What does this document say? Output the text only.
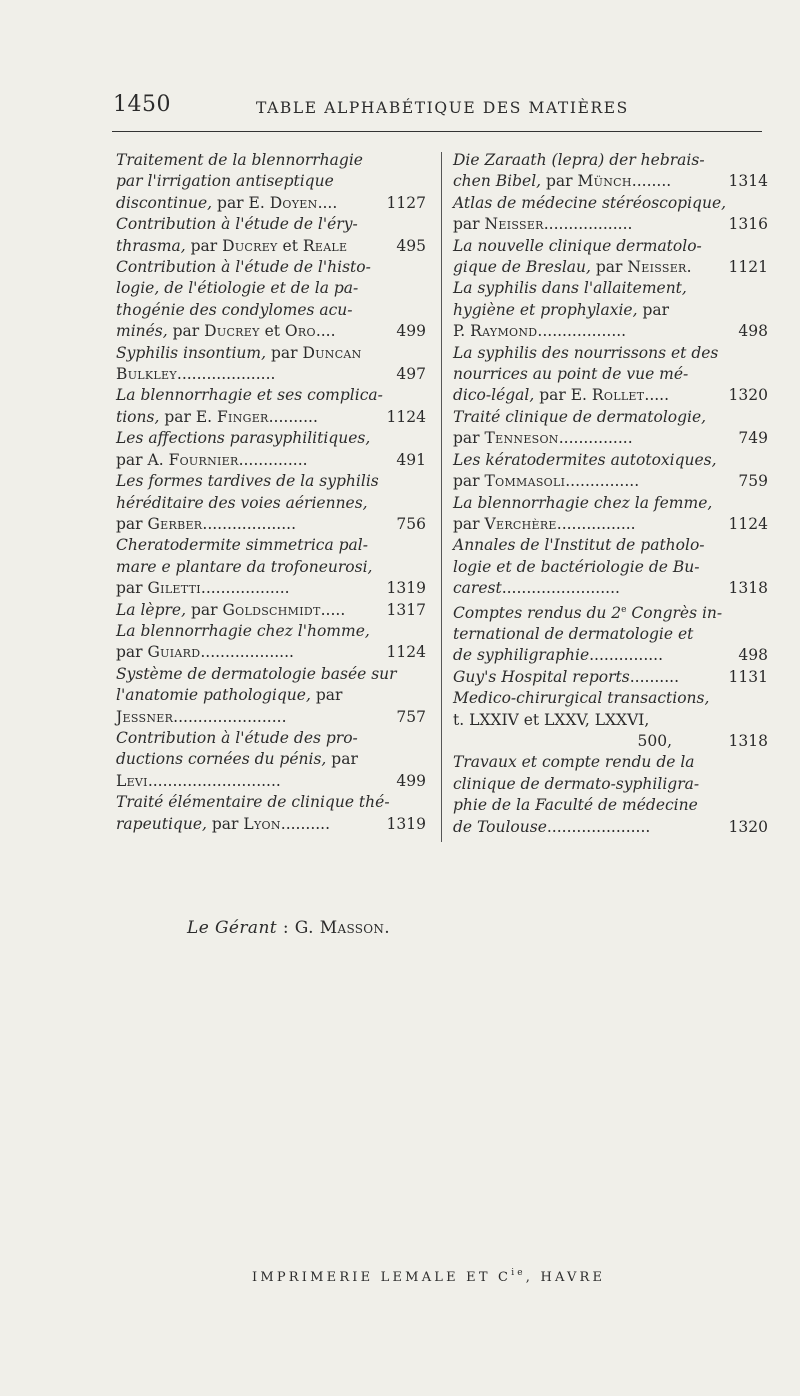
1450	TABLE ALPHABÉTIQUE DES MATIÈRES
Traitement de la blennorrhagie
par l'irrigation antiseptique
discontinue, par E. Doyen....	1127
Contribution à l'étude de l'éry-
thrasma, par Ducrey et Reale	495
Contribution à l'étude de l'histo-
logie, de l'étiologie et de la pa-
thogénie des condylomes acu-
minés, par Ducrey et Oro....	499
Syphilis insontium, par Duncan
Bulkley....................	497
La blennorrhagie et ses complica-
tions, par E. Finger..........	1124
Les affections parasyphilitiques,
par A. Fournier..............	491
Les formes tardives de la syphilis
héréditaire des voies aériennes,
par Gerber...................	756
Cheratodermite simmetrica pal-
mare e plantare da trofoneurosi,
par Giletti..................	1319
La lèpre, par Goldschmidt.....	1317
La blennorrhagie chez l'homme,
par Guiard...................	1124
Système de dermatologie basée sur
l'anatomie pathologique, par
Jessner.......................	757
Contribution à l'étude des pro-
ductions cornées du pénis, par
Levi...........................	499
Traité élémentaire de clinique thé-
rapeutique, par Lyon..........	1319
Die Zaraath (lepra) der hebrais-
chen Bibel, par Münch........	1314
Atlas de médecine stéréoscopique,
par Neisser..................	1316
La nouvelle clinique dermatolo-
gique de Breslau, par Neisser.	1121
La syphilis dans l'allaitement,
hygiène et prophylaxie, par
P. Raymond..................	498
La syphilis des nourrissons et des
nourrices au point de vue mé-
dico-légal, par E. Rollet.....	1320
Traité clinique de dermatologie,
par Tenneson...............	749
Les kératodermites autotoxiques,
par Tommasoli...............	759
La blennorrhagie chez la femme,
par Verchère................	1124
Annales de l'Institut de patholo-
logie et de bactériologie de Bu-
carest........................	1318
Comptes rendus du 2e Congrès in-
ternational de dermatologie et
de syphiligraphie...............	498
Guy's Hospital reports..........	1131
Medico-chirurgical transactions,
t. LXXIV et LXXV, LXXVI,
500,	1318
Travaux et compte rendu de la
clinique de dermato-syphiligra-
phie de la Faculté de médecine
de Toulouse.....................	1320
Le Gérant : G. Masson.
IMPRIMERIE LEMALE ET $C^{ie}$, HAVRE
